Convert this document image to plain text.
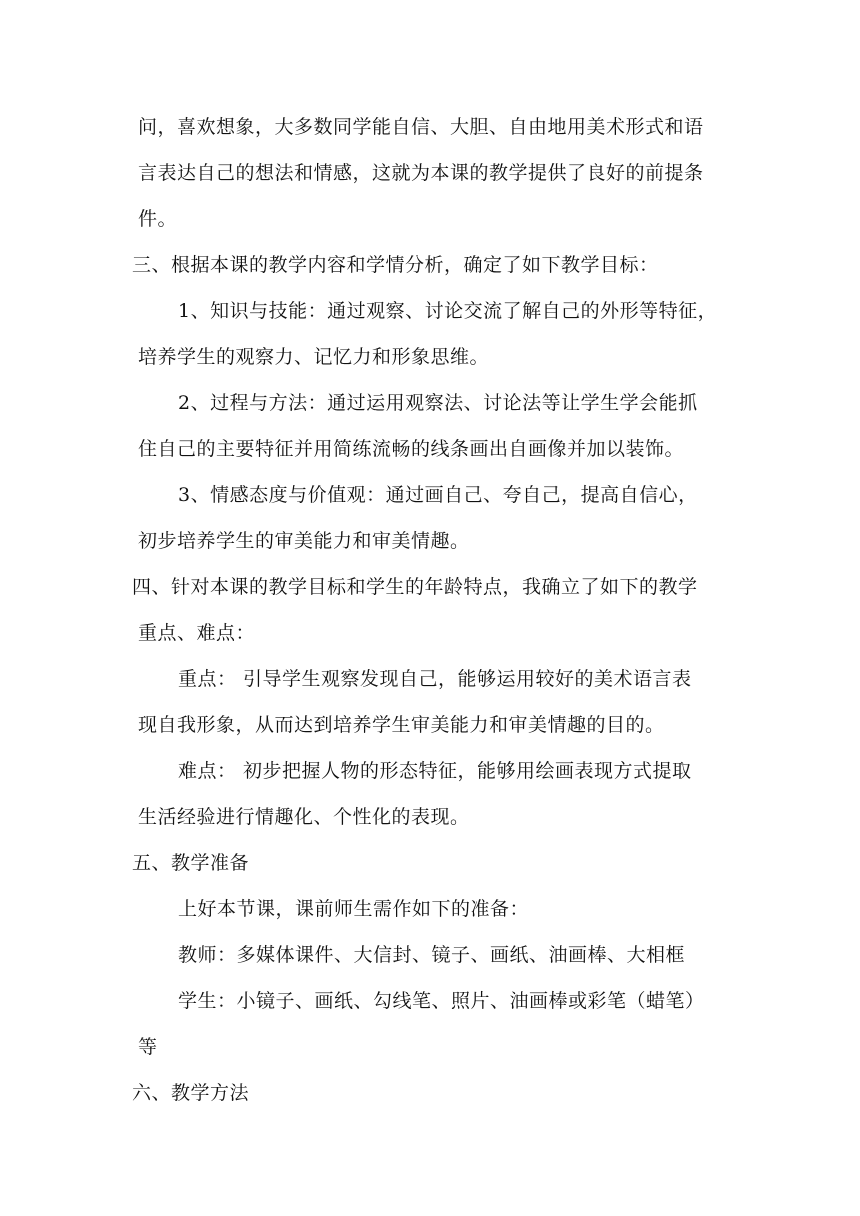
问，喜欢想象，大多数同学能自信、大胆、自由地用美术形式和语
言表达自己的想法和情感，这就为本课的教学提供了良好的前提条
件。
三、根据本课的教学内容和学情分析，确定了如下教学目标：
1、知识与技能：通过观察、讨论交流了解自己的外形等特征，
培养学生的观察力、记忆力和形象思维。
2、过程与方法：通过运用观察法、讨论法等让学生学会能抓
住自己的主要特征并用简练流畅的线条画出自画像并加以装饰。
3、情感态度与价值观：通过画自己、夸自己，提高自信心，
初步培养学生的审美能力和审美情趣。
四、针对本课的教学目标和学生的年龄特点，我确立了如下的教学
重点、难点：
重点： 引导学生观察发现自己，能够运用较好的美术语言表
现自我形象，从而达到培养学生审美能力和审美情趣的目的。
难点： 初步把握人物的形态特征，能够用绘画表现方式提取
生活经验进行情趣化、个性化的表现。
五、教学准备
上好本节课，课前师生需作如下的准备：
教师：多媒体课件、大信封、镜子、画纸、油画棒、大相框
学生：小镜子、画纸、勾线笔、照片、油画棒或彩笔（蜡笔）
等
六、教学方法
